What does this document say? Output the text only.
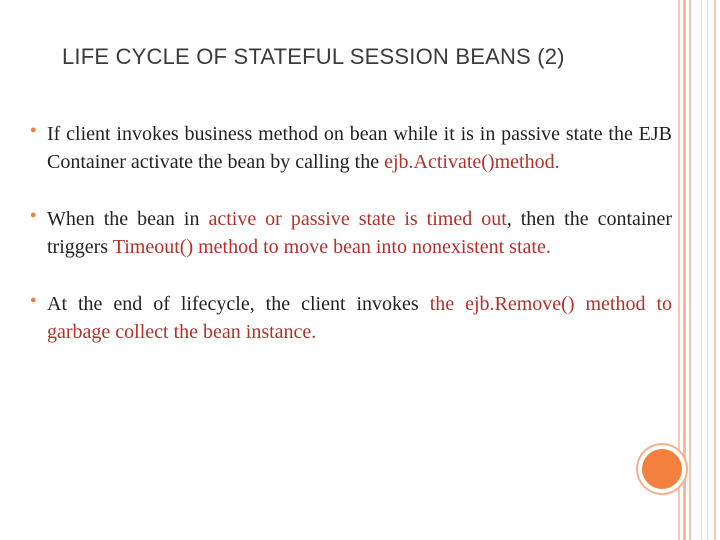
LIFE CYCLE OF STATEFUL SESSION BEANS (2)
● If client invokes business method on bean while it is in passive state the EJB Container activate the bean by calling the ejb.Activate()method.
● When the bean in active or passive state is timed out, then the container triggers Timeout() method to move bean into nonexistent state.
● At the end of lifecycle, the client invokes the ejb.Remove() method to garbage collect the bean instance.
